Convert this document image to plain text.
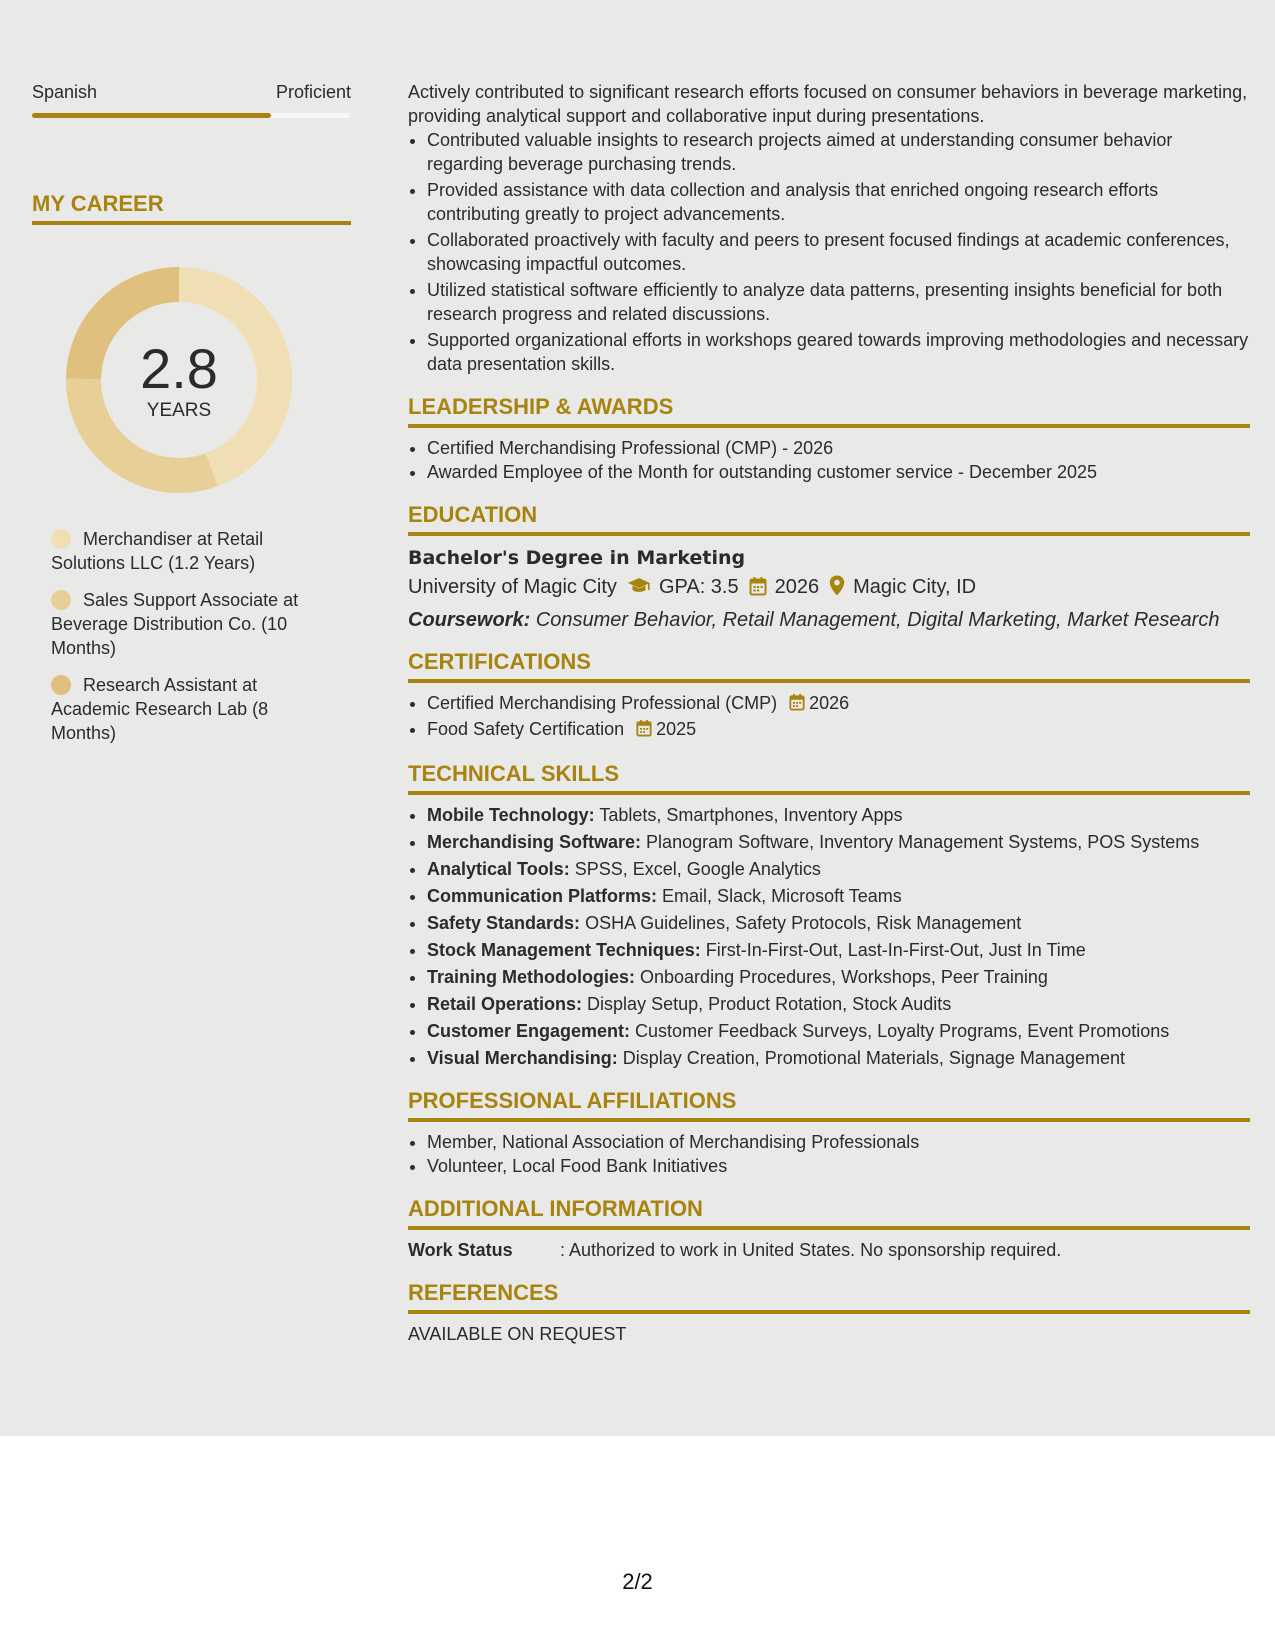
Spanish	Proficient
MY CAREER
2.8
YEARS
Merchandiser at Retail Solutions LLC (1.2 Years)
Sales Support Associate at Beverage Distribution Co. (10 Months)
Research Assistant at Academic Research Lab (8 Months)

Actively contributed to significant research efforts focused on consumer behaviors in beverage marketing, providing analytical support and collaborative input during presentations.

• Contributed valuable insights to research projects aimed at understanding consumer behavior regarding beverage purchasing trends.
• Provided assistance with data collection and analysis that enriched ongoing research efforts contributing greatly to project advancements.
• Collaborated proactively with faculty and peers to present focused findings at academic conferences, showcasing impactful outcomes.
• Utilized statistical software efficiently to analyze data patterns, presenting insights beneficial for both research progress and related discussions.
• Supported organizational efforts in workshops geared towards improving methodologies and necessary data presentation skills.
LEADERSHIP & AWARDS
• Certified Merchandising Professional (CMP) - 2026
• Awarded Employee of the Month for outstanding customer service - December 2025
EDUCATION
Bachelor's Degree in Marketing
University of Magic City GPA: 3.5 2026 Magic City, ID
Coursework: Consumer Behavior, Retail Management, Digital Marketing, Market Research
CERTIFICATIONS
• Certified Merchandising Professional (CMP) 2026
• Food Safety Certification 2025
TECHNICAL SKILLS
• Mobile Technology: Tablets, Smartphones, Inventory Apps
• Merchandising Software: Planogram Software, Inventory Management Systems, POS Systems
• Analytical Tools: SPSS, Excel, Google Analytics
• Communication Platforms: Email, Slack, Microsoft Teams
• Safety Standards: OSHA Guidelines, Safety Protocols, Risk Management
• Stock Management Techniques: First-In-First-Out, Last-In-First-Out, Just In Time
• Training Methodologies: Onboarding Procedures, Workshops, Peer Training
• Retail Operations: Display Setup, Product Rotation, Stock Audits
• Customer Engagement: Customer Feedback Surveys, Loyalty Programs, Event Promotions
• Visual Merchandising: Display Creation, Promotional Materials, Signage Management
PROFESSIONAL AFFILIATIONS
• Member, National Association of Merchandising Professionals
• Volunteer, Local Food Bank Initiatives
ADDITIONAL INFORMATION
Work Status	: Authorized to work in United States. No sponsorship required.
REFERENCES
AVAILABLE ON REQUEST
2/2
